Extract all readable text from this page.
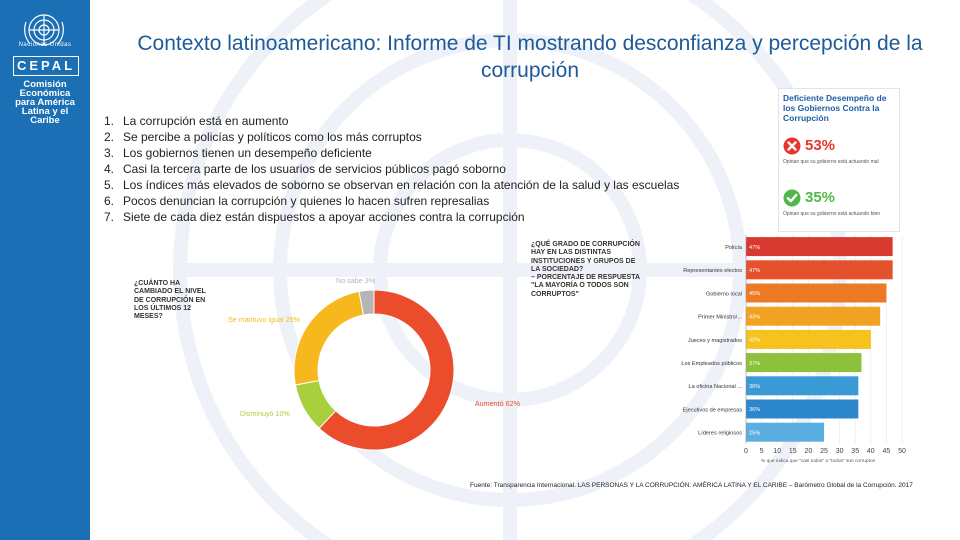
Naciones Unidas
CEPAL
Comisión
Económica
para América
Latina y el
Caribe
Contexto latinoamericano: Informe de TI mostrando desconfianza y percepción de la corrupción
1. La corrupción está en aumento
2. Se percibe a policías y políticos como los más corruptos
3. Los gobiernos tienen un desempeño deficiente
4. Casi la tercera parte de los usuarios de servicios públicos pagó soborno
5. Los índices más elevados de soborno se observan en relación con la atención de la salud y las escuelas
6. Pocos denuncian la corrupción y quienes lo hacen sufren represalias
7. Siete de cada diez están dispuestos a apoyar acciones contra la corrupción
Deficiente Desempeño de los Gobiernos Contra la Corrupción
53%
Opinan que su gobierno está actuando mal
35%
Opinan que su gobierno está actuando bien
¿QUÉ GRADO DE CORRUPCIÓN
HAY EN LAS DISTINTAS
INSTITUCIONES Y GRUPOS DE
LA SOCIEDAD?
– PORCENTAJE DE RESPUESTA
"LA MAYORÍA O TODOS SON
CORRUPTOS"
0 5 10 15 20 25 30 35 40 45 50
Policía 47%
Representantes electos 47%
Gobierno local 45%
Primer Ministro/... 43%
Jueces y magistrados 40%
Los Empleados públicos 37%
La oficina Nacional ... 36%
Ejecutivos de empresas 36%
Líderes religiosos 25%
% que indica que "casi todos" o "todos" son corruptos
¿CUÁNTO HA
CAMBIADO EL NIVEL
DE CORRUPCIÓN EN
LOS ÚLTIMOS 12
MESES?
Aumentó 62%
Disminuyó 10%
Se mantuvo igual 25%
No sabe 3%
Fuente: Transparencia Internacional. LAS PERSONAS Y LA CORRUPCIÓN: AMÉRICA LATINA Y EL CARIBE – Barómetro Global de la Corrupción. 2017
